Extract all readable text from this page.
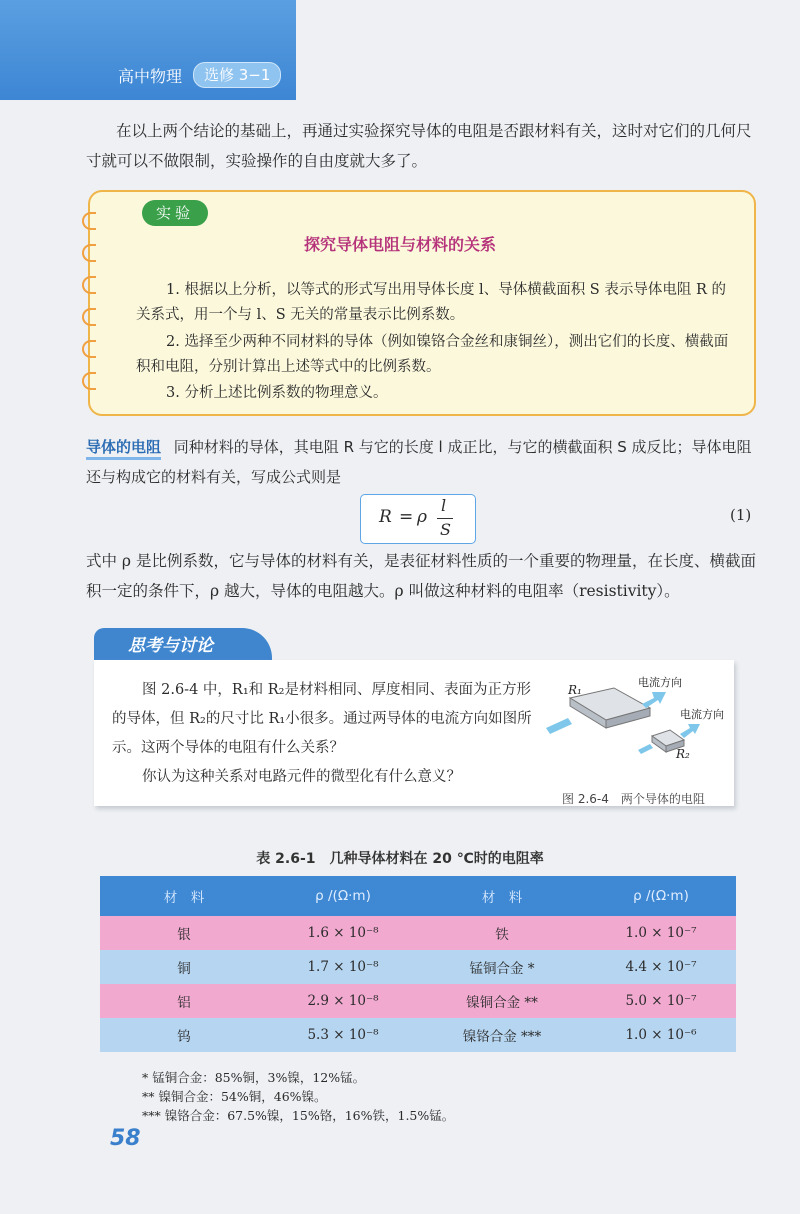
高中物理	选修 3−1
在以上两个结论的基础上，再通过实验探究导体的电阻是否跟材料有关，这时对它们的几何尺寸就可以不做限制，实验操作的自由度就大多了。
实验
探究导体电阻与材料的关系
1. 根据以上分析，以等式的形式写出用导体长度 l、导体横截面积 S 表示导体电阻 R 的关系式，用一个与 l、S 无关的常量表示比例系数。
2. 选择至少两种不同材料的导体（例如镍铬合金丝和康铜丝），测出它们的长度、横截面积和电阻，分别计算出上述等式中的比例系数。
3. 分析上述比例系数的物理意义。
导体的电阻 同种材料的导体，其电阻 R 与它的长度 l 成正比，与它的横截面积 S 成反比；导体电阻还与构成它的材料有关，写成公式则是
R = ρ
l
S
(1)
式中 ρ 是比例系数，它与导体的材料有关，是表征材料性质的一个重要的物理量，在长度、横截面积一定的条件下，ρ 越大，导体的电阻越大。ρ 叫做这种材料的电阻率（resistivity）。
思考与讨论
图 2.6-4 中，R₁和 R₂是材料相同、厚度相同、表面为正方形的导体，但 R₂的尺寸比 R₁小很多。通过两导体的电流方向如图所示。这两个导体的电阻有什么关系？
你认为这种关系对电路元件的微型化有什么意义？
R₁
R₂
电流方向
电流方向
图 2.6-4　两个导体的电阻
表 2.6-1　几种导体材料在 20 ℃时的电阻率
材　料	ρ /(Ω·m)	材　料	ρ /(Ω·m)
银	1.6 × 10⁻⁸	铁	1.0 × 10⁻⁷
铜	1.7 × 10⁻⁸	锰铜合金 *	4.4 × 10⁻⁷
铝	2.9 × 10⁻⁸	镍铜合金 **	5.0 × 10⁻⁷
钨	5.3 × 10⁻⁸	镍铬合金 ***	1.0 × 10⁻⁶
* 锰铜合金：85%铜，3%镍，12%锰。
** 镍铜合金：54%铜，46%镍。
*** 镍铬合金：67.5%镍，15%铬，16%铁，1.5%锰。
58
